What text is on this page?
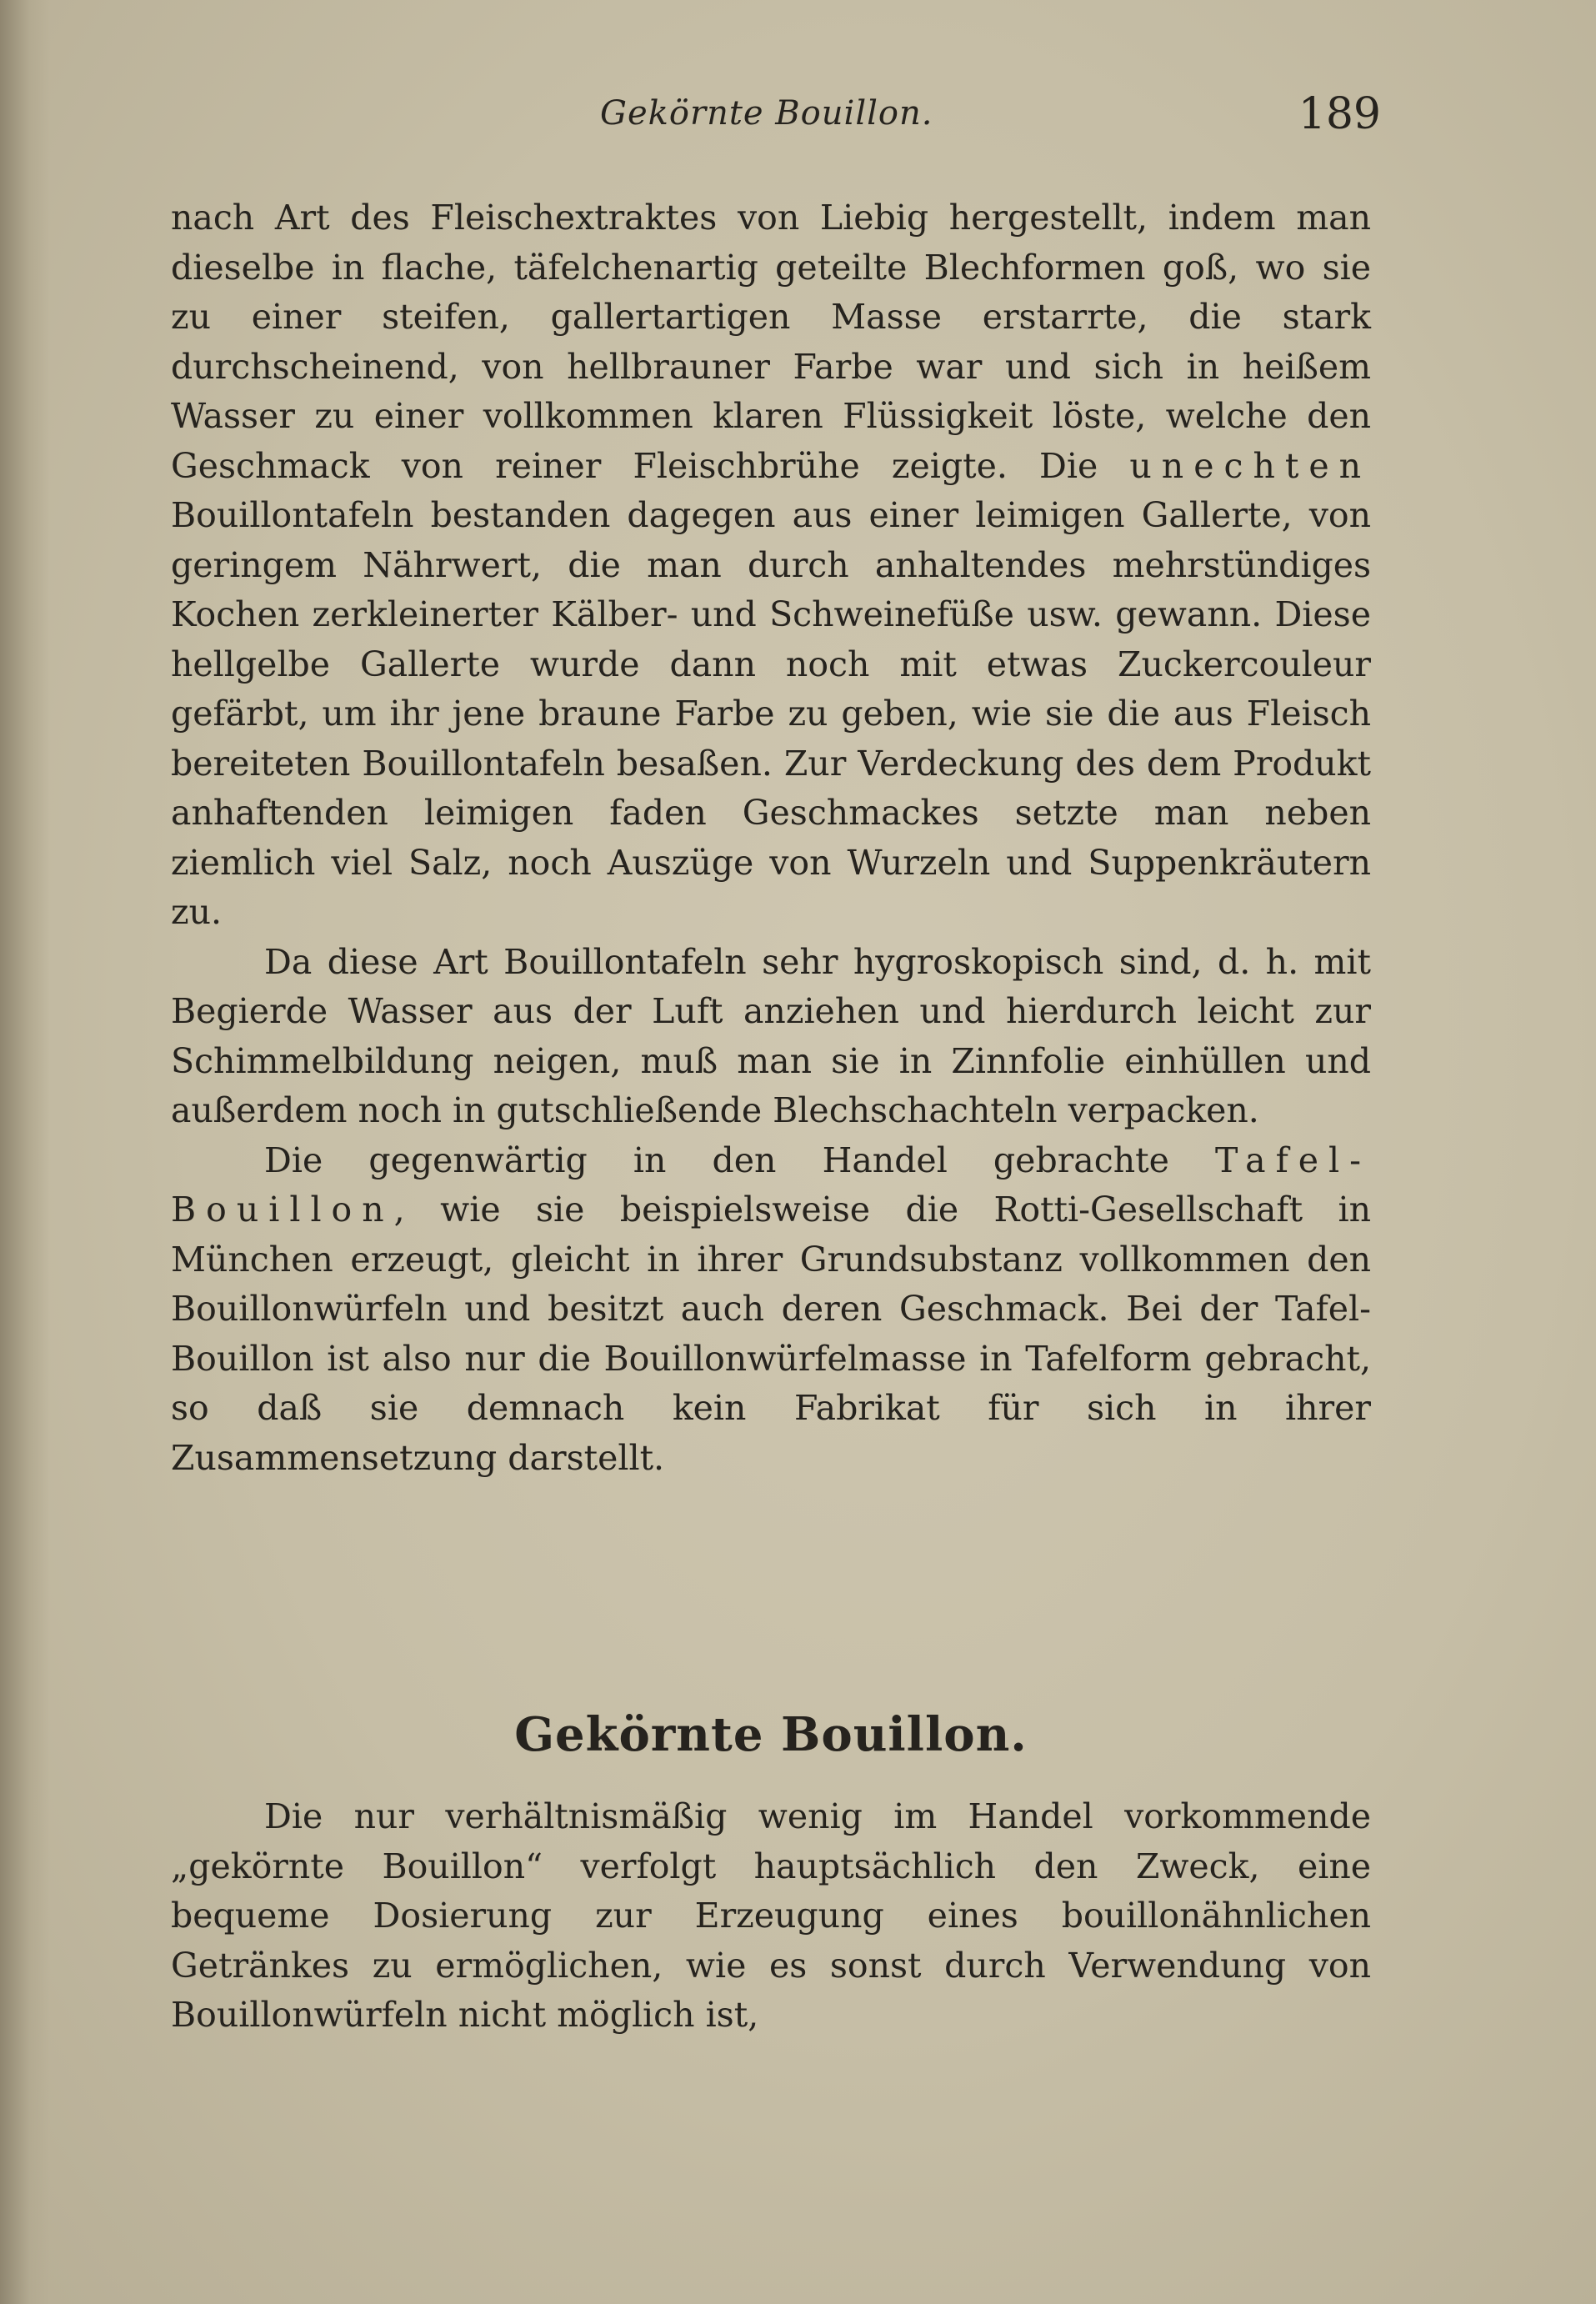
Gekörnte Bouillon.	189

nach Art des Fleischextraktes von Liebig hergestellt, indem man dieselbe in flache, täfelchenartig geteilte Blechformen goß, wo sie zu einer steifen, gallertartigen Masse erstarrte, die stark durchscheinend, von hellbrauner Farbe war und sich in heißem Wasser zu einer vollkommen klaren Flüssigkeit löste, welche den Geschmack von reiner Fleischbrühe zeigte. Die unechten Bouillontafeln bestanden dagegen aus einer leimigen Gallerte, von geringem Nährwert, die man durch anhaltendes mehrstündiges Kochen zerkleinerter Kälber- und Schweinefüße usw. gewann. Diese hellgelbe Gallerte wurde dann noch mit etwas Zuckercouleur gefärbt, um ihr jene braune Farbe zu geben, wie sie die aus Fleisch bereiteten Bouillontafeln besaßen. Zur Verdeckung des dem Produkt anhaftenden leimigen faden Geschmackes setzte man neben ziemlich viel Salz, noch Auszüge von Wurzeln und Suppenkräutern zu.

Da diese Art Bouillontafeln sehr hygroskopisch sind, d. h. mit Begierde Wasser aus der Luft anziehen und hierdurch leicht zur Schimmelbildung neigen, muß man sie in Zinnfolie einhüllen und außerdem noch in gutschließende Blechschachteln verpacken.

Die gegenwärtig in den Handel gebrachte Tafel-Bouillon, wie sie beispielsweise die Rotti-Gesellschaft in München erzeugt, gleicht in ihrer Grundsubstanz vollkommen den Bouillonwürfeln und besitzt auch deren Geschmack. Bei der Tafel-Bouillon ist also nur die Bouillonwürfelmasse in Tafelform gebracht, so daß sie demnach kein Fabrikat für sich in ihrer Zusammensetzung darstellt.

Gekörnte Bouillon.

Die nur verhältnismäßig wenig im Handel vorkommende „gekörnte Bouillon“ verfolgt hauptsächlich den Zweck, eine bequeme Dosierung zur Erzeugung eines bouillonähnlichen Getränkes zu ermöglichen, wie es sonst durch Verwendung von Bouillonwürfeln nicht möglich ist,
